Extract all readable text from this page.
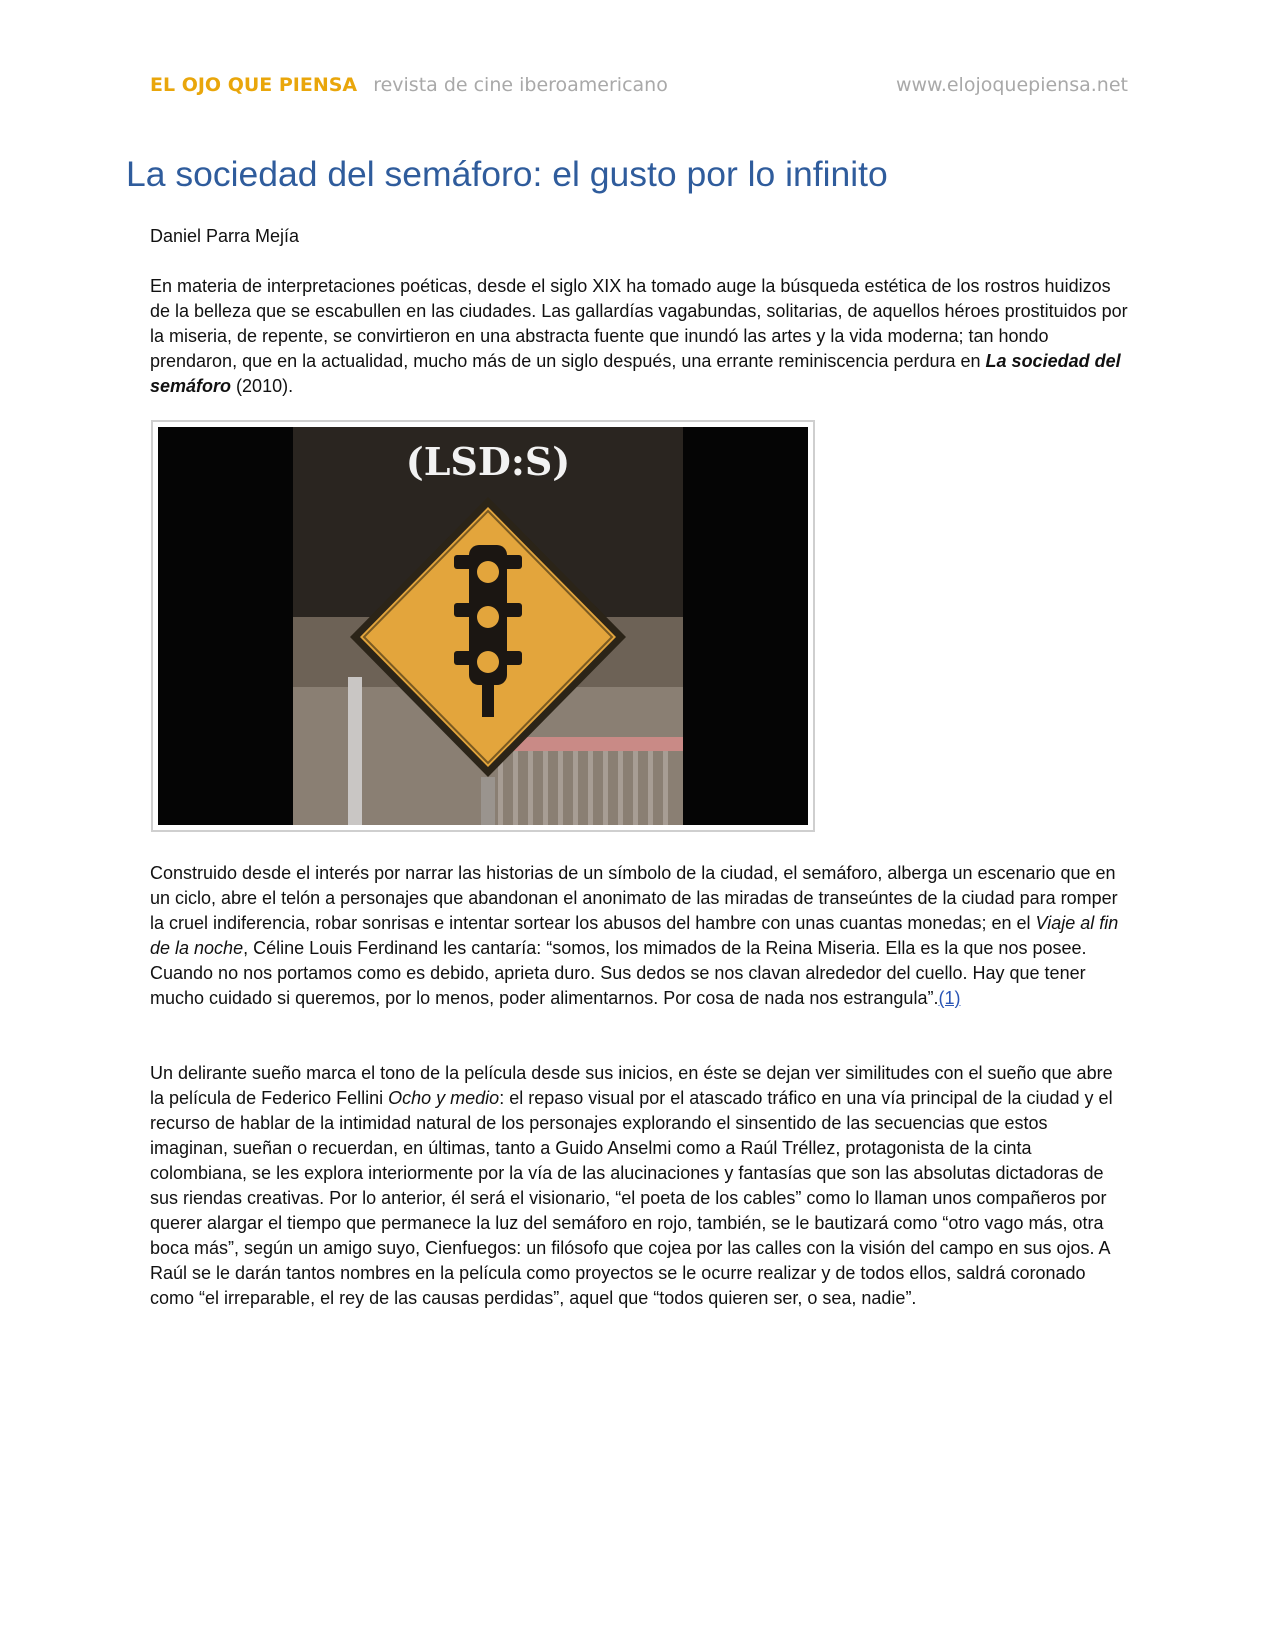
EL OJO QUE PIENSA revista de cine iberoamericano	www.elojoquepiensa.net
La sociedad del semáforo: el gusto por lo infinito
Daniel Parra Mejía

En materia de interpretaciones poéticas, desde el siglo XIX ha tomado auge la búsqueda estética de los rostros huidizos de la belleza que se escabullen en las ciudades. Las gallardías vagabundas, solitarias, de aquellos héroes prostituidos por la miseria, de repente, se convirtieron en una abstracta fuente que inundó las artes y la vida moderna; tan hondo prendaron, que en la actualidad, mucho más de un siglo después, una errante reminiscencia perdura en La sociedad del semáforo (2010).

(LSD:S)

Construido desde el interés por narrar las historias de un símbolo de la ciudad, el semáforo, alberga un escenario que en un ciclo, abre el telón a personajes que abandonan el anonimato de las miradas de transeúntes de la ciudad para romper la cruel indiferencia, robar sonrisas e intentar sortear los abusos del hambre con unas cuantas monedas; en el Viaje al fin de la noche, Céline Louis Ferdinand les cantaría: “somos, los mimados de la Reina Miseria. Ella es la que nos posee. Cuando no nos portamos como es debido, aprieta duro. Sus dedos se nos clavan alrededor del cuello. Hay que tener mucho cuidado si queremos, por lo menos, poder alimentarnos. Por cosa de nada nos estrangula”.(1)

Un delirante sueño marca el tono de la película desde sus inicios, en éste se dejan ver similitudes con el sueño que abre la película de Federico Fellini Ocho y medio: el repaso visual por el atascado tráfico en una vía principal de la ciudad y el recurso de hablar de la intimidad natural de los personajes explorando el sinsentido de las secuencias que estos imaginan, sueñan o recuerdan, en últimas, tanto a Guido Anselmi como a Raúl Tréllez, protagonista de la cinta colombiana, se les explora interiormente por la vía de las alucinaciones y fantasías que son las absolutas dictadoras de sus riendas creativas. Por lo anterior, él será el visionario, “el poeta de los cables” como lo llaman unos compañeros por querer alargar el tiempo que permanece la luz del semáforo en rojo, también, se le bautizará como “otro vago más, otra boca más”, según un amigo suyo, Cienfuegos: un filósofo que cojea por las calles con la visión del campo en sus ojos. A Raúl se le darán tantos nombres en la película como proyectos se le ocurre realizar y de todos ellos, saldrá coronado como “el irreparable, el rey de las causas perdidas”, aquel que “todos quieren ser, o sea, nadie”.
